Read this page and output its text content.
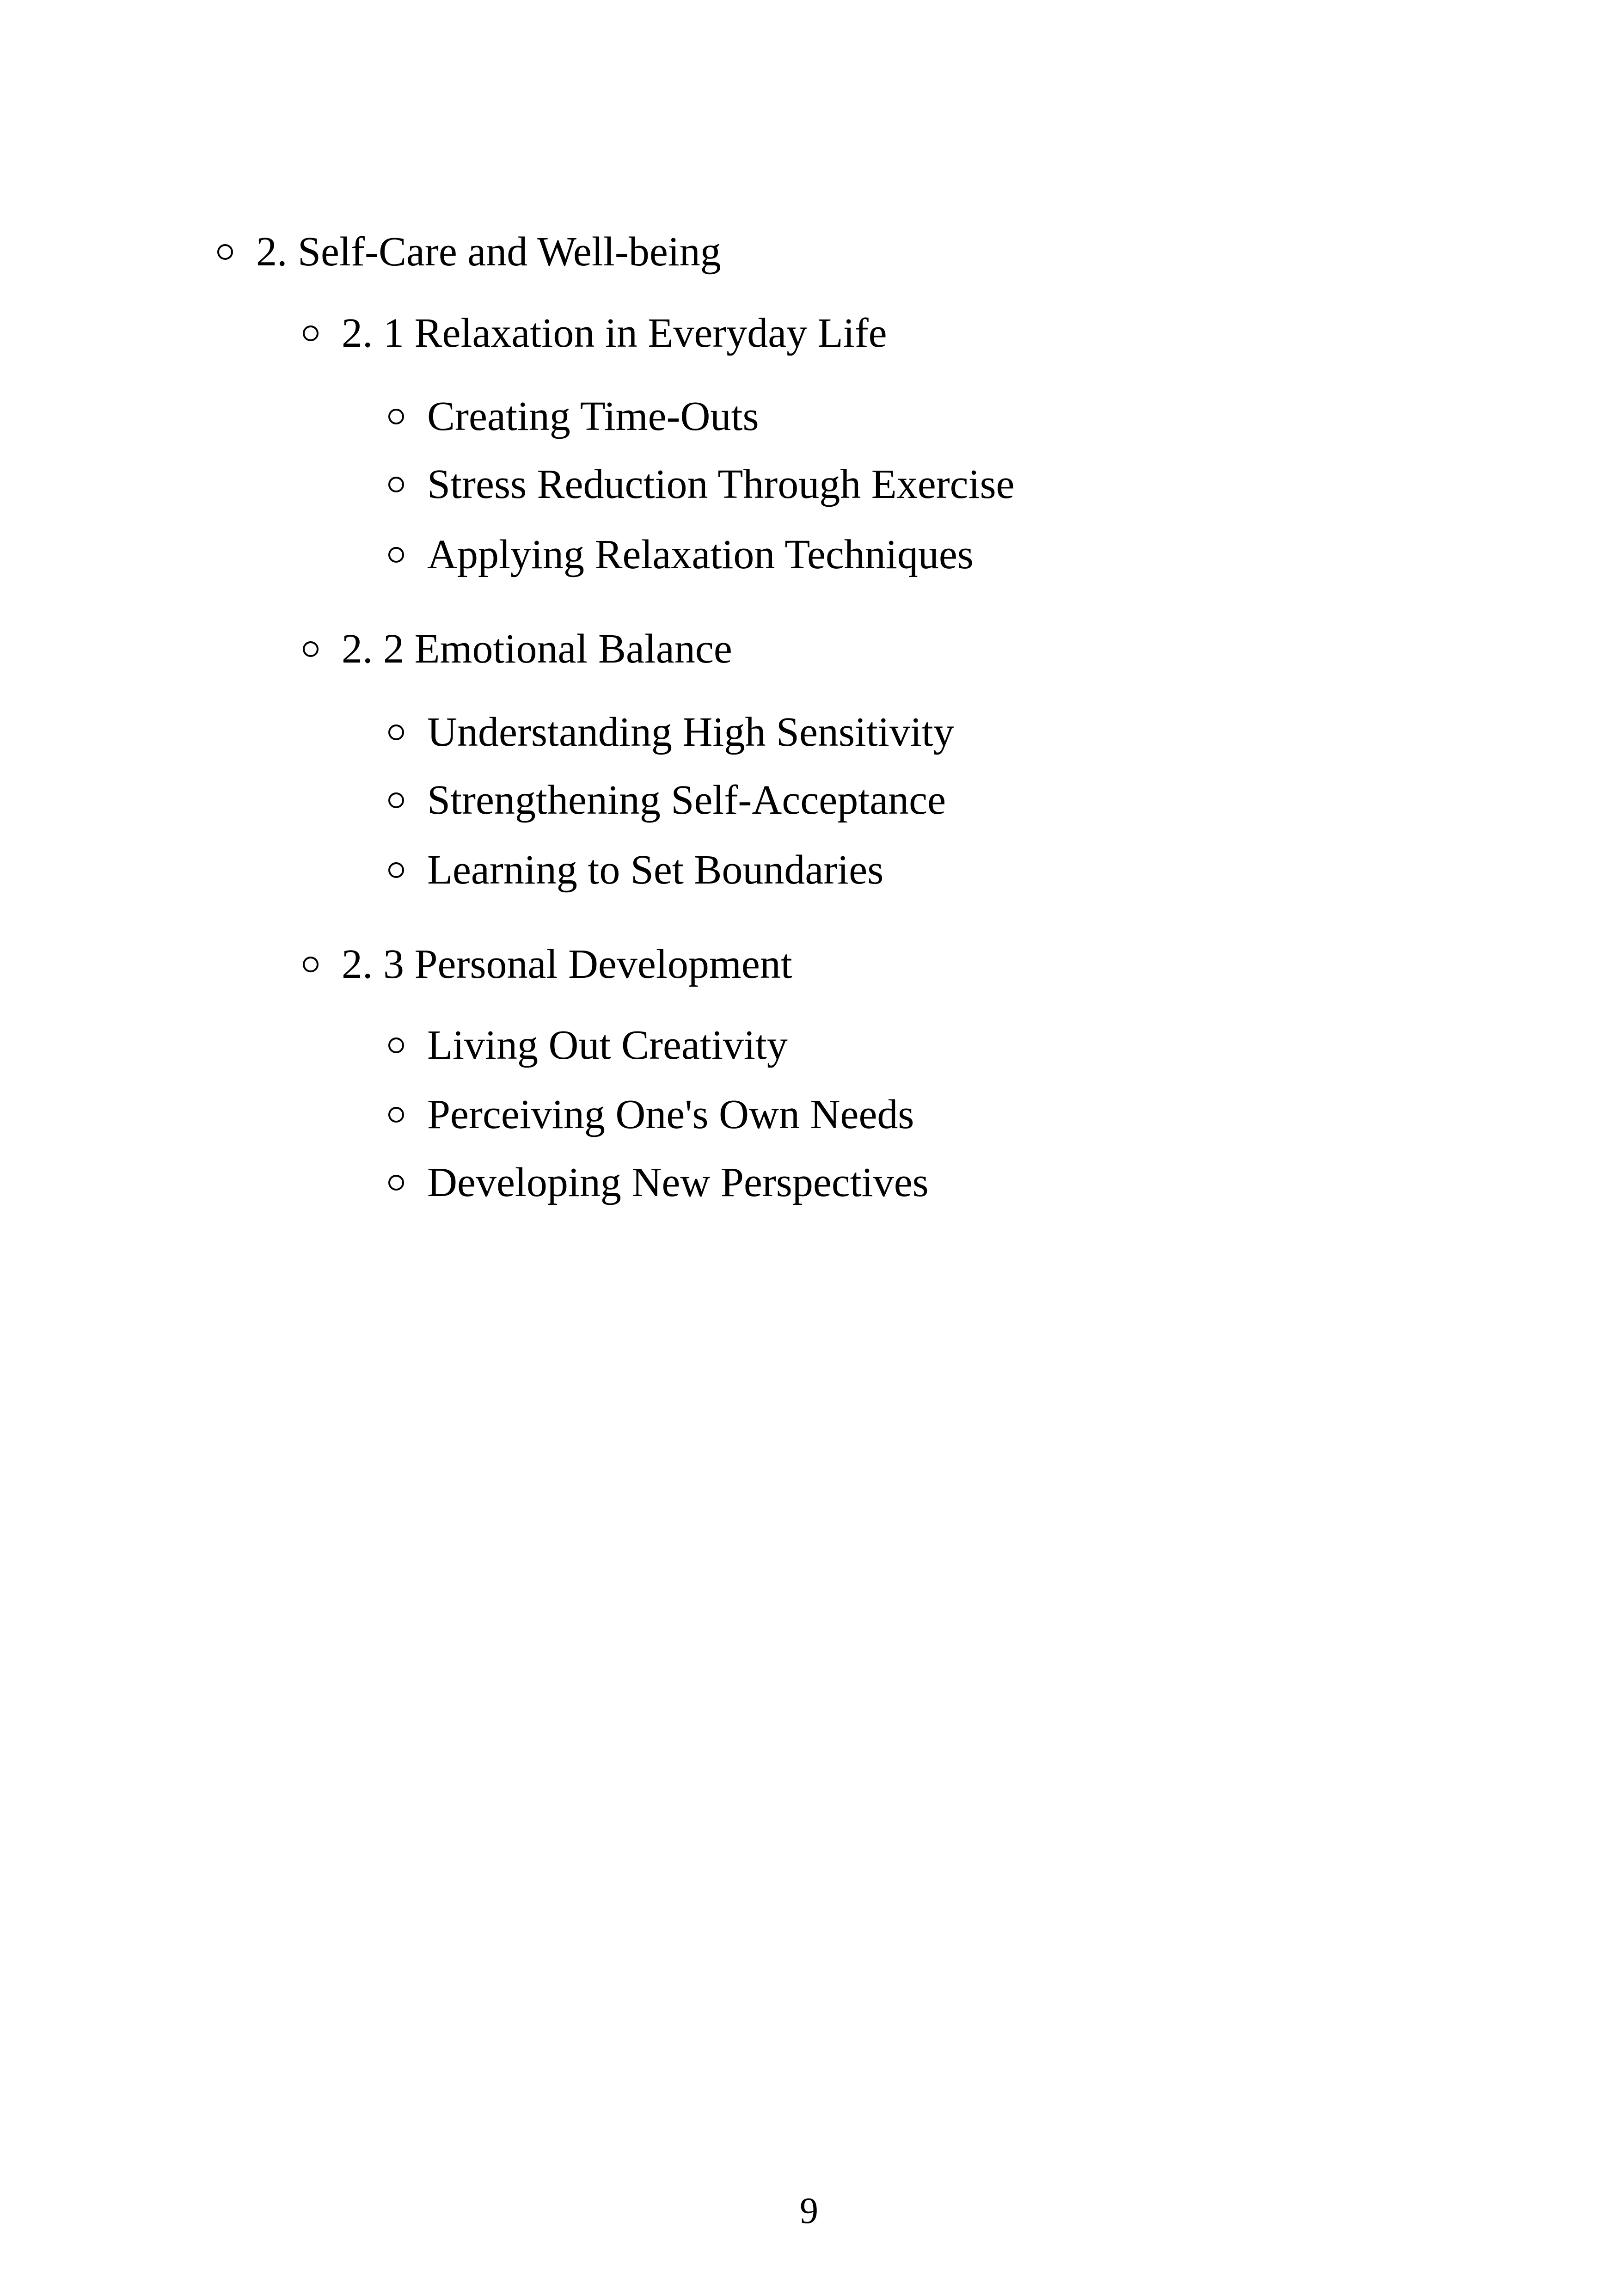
2. Self-Care and Well-being
2. 1 Relaxation in Everyday Life
Creating Time-Outs
Stress Reduction Through Exercise
Applying Relaxation Techniques
2. 2 Emotional Balance
Understanding High Sensitivity
Strengthening Self-Acceptance
Learning to Set Boundaries
2. 3 Personal Development
Living Out Creativity
Perceiving One's Own Needs
Developing New Perspectives
9
